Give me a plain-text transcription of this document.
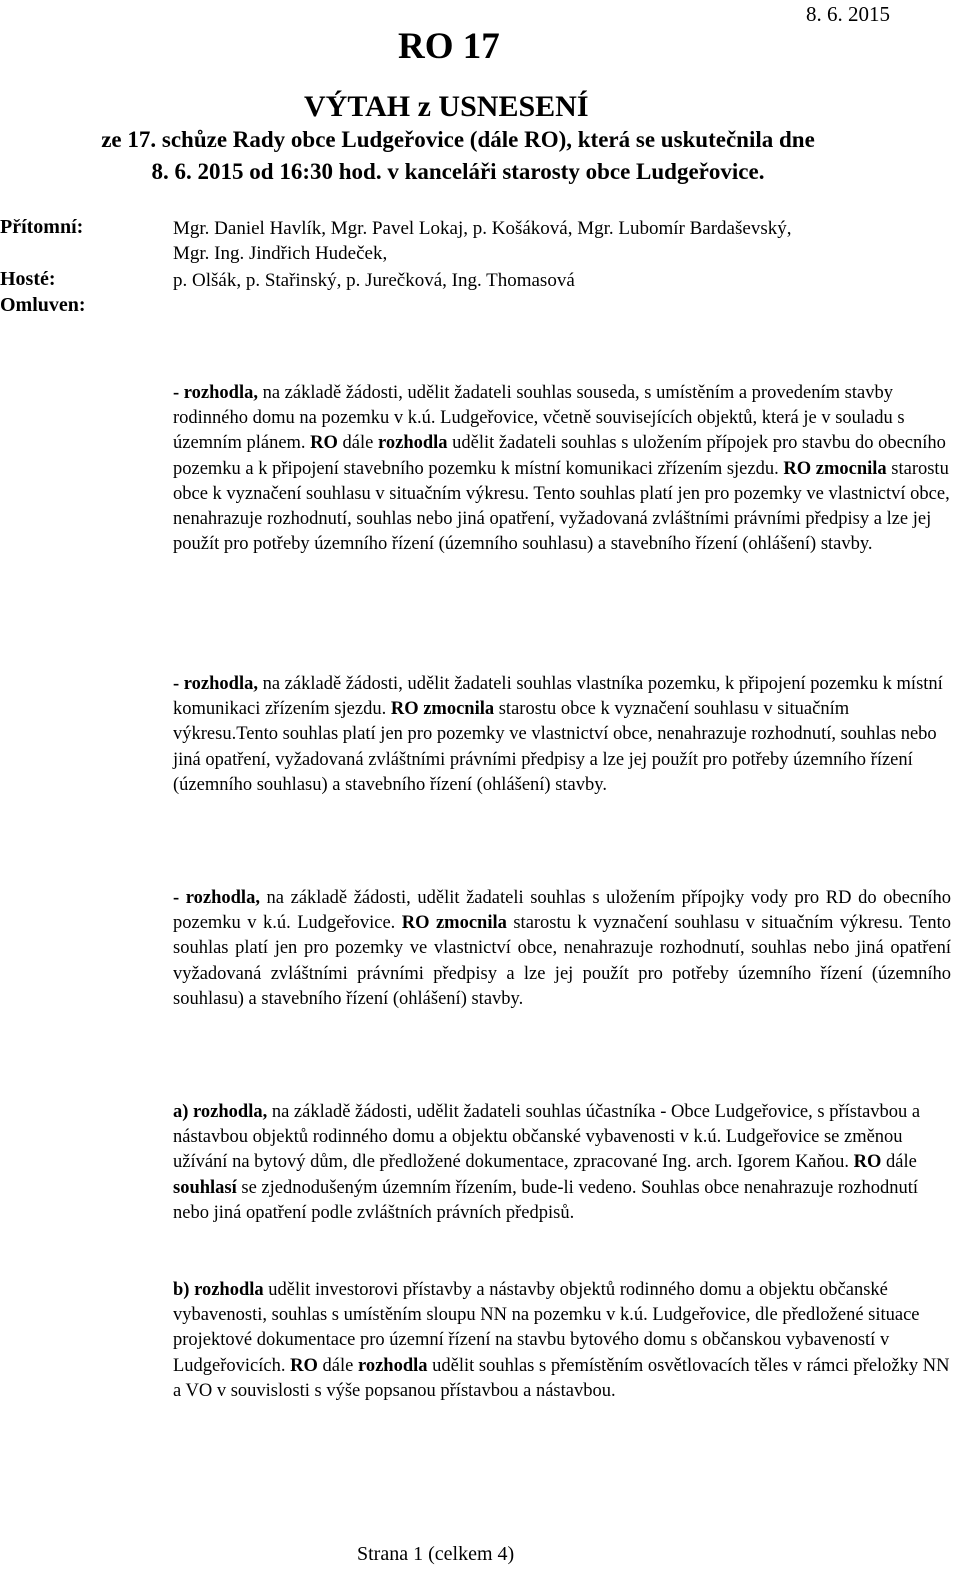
8. 6. 2015
RO 17
VÝTAH z USNESENÍ
ze 17. schůze Rady obce Ludgeřovice (dále RO), která se uskutečnila dne
8. 6. 2015 od 16:30 hod. v kanceláři starosty obce Ludgeřovice.
Přítomní:	Mgr. Daniel Havlík, Mgr. Pavel Lokaj, p. Košáková, Mgr. Lubomír Bardaševský,
Mgr. Ing. Jindřich Hudeček,
Hosté:	p. Olšák, p. Stařinský, p. Jurečková, Ing. Thomasová
Omluven:
- rozhodla, na základě žádosti, udělit žadateli souhlas souseda, s umístěním a provedením stavby rodinného domu na pozemku v k.ú. Ludgeřovice, včetně souvisejících objektů, která je v souladu s územním plánem. RO dále rozhodla udělit žadateli souhlas s uložením přípojek pro stavbu do obecního pozemku a k připojení stavebního pozemku k místní komunikaci zřízením sjezdu. RO zmocnila starostu obce k vyznačení souhlasu v situačním výkresu. Tento souhlas platí jen pro pozemky ve vlastnictví obce, nenahrazuje rozhodnutí, souhlas nebo jiná opatření, vyžadovaná zvláštními právními předpisy a lze jej použít pro potřeby územního řízení (územního souhlasu) a stavebního řízení (ohlášení) stavby.
- rozhodla, na základě žádosti, udělit žadateli souhlas vlastníka pozemku, k připojení pozemku k místní komunikaci zřízením sjezdu. RO zmocnila starostu obce k vyznačení souhlasu v situačním výkresu.Tento souhlas platí jen pro pozemky ve vlastnictví obce, nenahrazuje rozhodnutí, souhlas nebo jiná opatření, vyžadovaná zvláštními právními předpisy a lze jej použít pro potřeby územního řízení (územního souhlasu) a stavebního řízení (ohlášení) stavby.
- rozhodla, na základě žádosti, udělit žadateli souhlas s uložením přípojky vody pro RD do obecního pozemku v k.ú. Ludgeřovice. RO zmocnila starostu k vyznačení souhlasu v situačním výkresu. Tento souhlas platí jen pro pozemky ve vlastnictví obce, nenahrazuje rozhodnutí, souhlas nebo jiná opatření vyžadovaná zvláštními právními předpisy a lze jej použít pro potřeby územního řízení (územního souhlasu) a stavebního řízení (ohlášení) stavby.
a) rozhodla, na základě žádosti, udělit žadateli souhlas účastníka - Obce Ludgeřovice, s přístavbou a nástavbou objektů rodinného domu a objektu občanské vybavenosti v k.ú. Ludgeřovice se změnou užívání na bytový dům, dle předložené dokumentace, zpracované Ing. arch. Igorem Kaňou. RO dále souhlasí se zjednodušeným územním řízením, bude-li vedeno. Souhlas obce nenahrazuje rozhodnutí nebo jiná opatření podle zvláštních právních předpisů.
b) rozhodla udělit investorovi přístavby a nástavby objektů rodinného domu a objektu občanské vybavenosti, souhlas s umístěním sloupu NN na pozemku v k.ú. Ludgeřovice, dle předložené situace projektové dokumentace pro územní řízení na stavbu bytového domu s občanskou vybaveností v Ludgeřovicích. RO dále rozhodla udělit souhlas s přemístěním osvětlovacích těles v rámci přeložky NN a VO v souvislosti s výše popsanou přístavbou a nástavbou.
Strana 1 (celkem 4)
